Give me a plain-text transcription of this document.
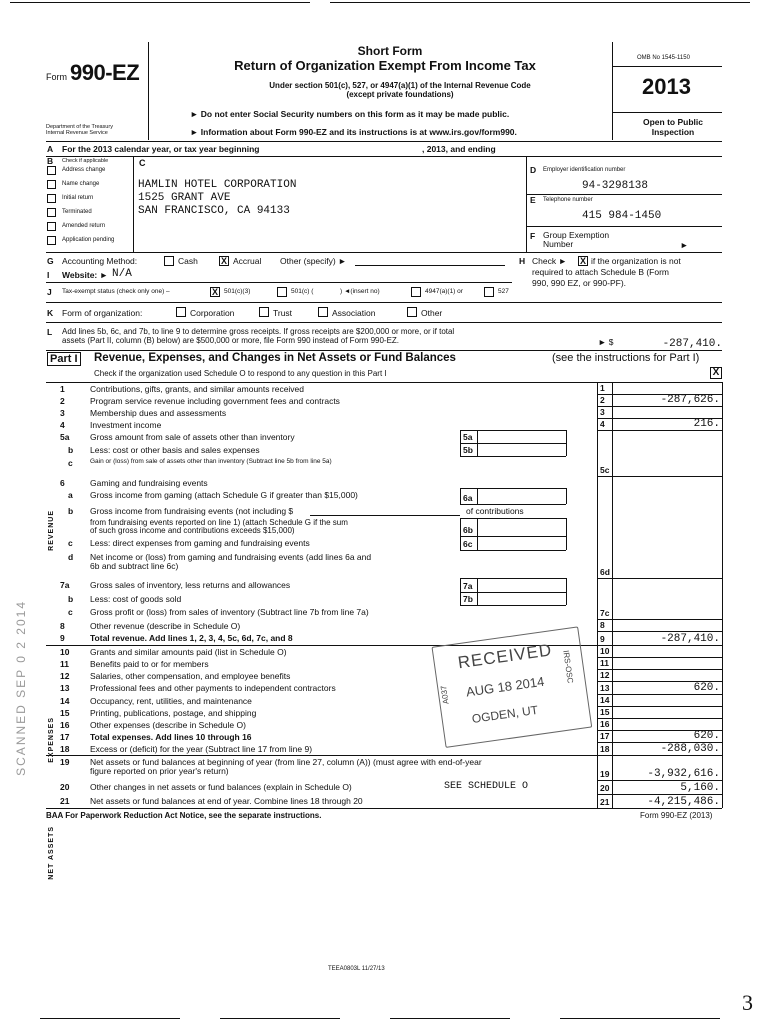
Form 990-EZ
Department of the Treasury
Internal Revenue Service
Short Form
Return of Organization Exempt From Income Tax
Under section 501(c), 527, or 4947(a)(1) of the Internal Revenue Code
(except private foundations)
► Do not enter Social Security numbers on this form as it may be made public.
► Information about Form 990-EZ and its instructions is at www.irs.gov/form990.
OMB No 1545-1150
2013
Open to Public
Inspection
A For the 2013 calendar year, or tax year beginning	, 2013, and ending
B Check if applicable	C
HAMLIN HOTEL CORPORATION
1525 GRANT AVE
SAN FRANCISCO, CA 94133
Address change
Name change
Initial return
Terminated
Amended return
Application pending
D Employer identification number
94-3298138
E Telephone number
415 984-1450
F Group Exemption
Number	►
G Accounting Method:	Cash	X Accrual Other (specify) ►	H Check ► X if the organization is not
required to attach Schedule B (Form
990, 990 EZ, or 990-PF).
I Website: ► N/A
J Tax-exempt status (check only one) –	X 501(c)(3)	501(c) (	) ◄(insert no)	4947(a)(1) or	527
K Form of organization:	Corporation	Trust	Association	Other
L Add lines 5b, 6c, and 7b, to line 9 to determine gross receipts. If gross receipts are $200,000 or more, or if total
assets (Part II, column (B) below) are $500,000 or more, file Form 990 instead of Form 990-EZ.	► $	-287,410.
Part I Revenue, Expenses, and Changes in Net Assets or Fund Balances	(see the instructions for Part I)
Check if the organization used Schedule O to respond to any question in this Part I	X
1	Contributions, gifts, grants, and similar amounts received	1
2	Program service revenue including government fees and contracts	2	-287,626.
3	Membership dues and assessments	3
4	Investment income	4	216.
5a Gross amount from sale of assets other than inventory	5a
b Less: cost or other basis and sales expenses	5b
c	Gain or (loss) from sale of assets other than inventory (Subtract line 5b from line 5a)
5c
6	Gaming and fundraising events
a Gross income from gaming (attach Schedule G if greater than $15,000)	6a
b Gross income from fundraising events (not including $	of contributions
from fundraising events reported on line 1) (attach Schedule G if the sum
of such gross income and contributions exceeds $15,000)	6b
c Less: direct expenses from gaming and fundraising events	6c
d Net income or (loss) from gaming and fundraising events (add lines 6a and
6b and subtract line 6c)
6d
7a Gross sales of inventory, less returns and allowances	7a
b Less: cost of goods sold	7b
c Gross profit or (loss) from sales of inventory (Subtract line 7b from line 7a)	7c
8	Other revenue (describe in Schedule O)	8
9	Total revenue. Add lines 1, 2, 3, 4, 5c, 6d, 7c, and 8	9	-287,410.
10 Grants and similar amounts paid (list in Schedule O)	10
11 Benefits paid to or for members	11
12 Salaries, other compensation, and employee benefits	12
13 Professional fees and other payments to independent contractors	13	620.
14 Occupancy, rent, utilities, and maintenance	14
15 Printing, publications, postage, and shipping	15
16 Other expenses (describe in Schedule O)	16
17 Total expenses. Add lines 10 through 16	17	620.
18 Excess or (deficit) for the year (Subtract line 17 from line 9)	18	-288,030.
19 Net assets or fund balances at beginning of year (from line 27, column (A)) (must agree with end-of-year
figure reported on prior year's return)	19	-3,932,616.
20 Other changes in net assets or fund balances (explain in Schedule O)	SEE SCHEDULE O	20	5,160.
21 Net assets or fund balances at end of year. Combine lines 18 through 20	21	-4,215,486.
REVENUE
EXPENSES
NET ASSETS
RECEIVED
AUG 18 2014
OGDEN, UT
A037
IRS-OSC
SCANNED SEP 0 2 2014
BAA For Paperwork Reduction Act Notice, see the separate instructions.	Form 990-EZ (2013)
TEEA0803L 11/27/13
3
